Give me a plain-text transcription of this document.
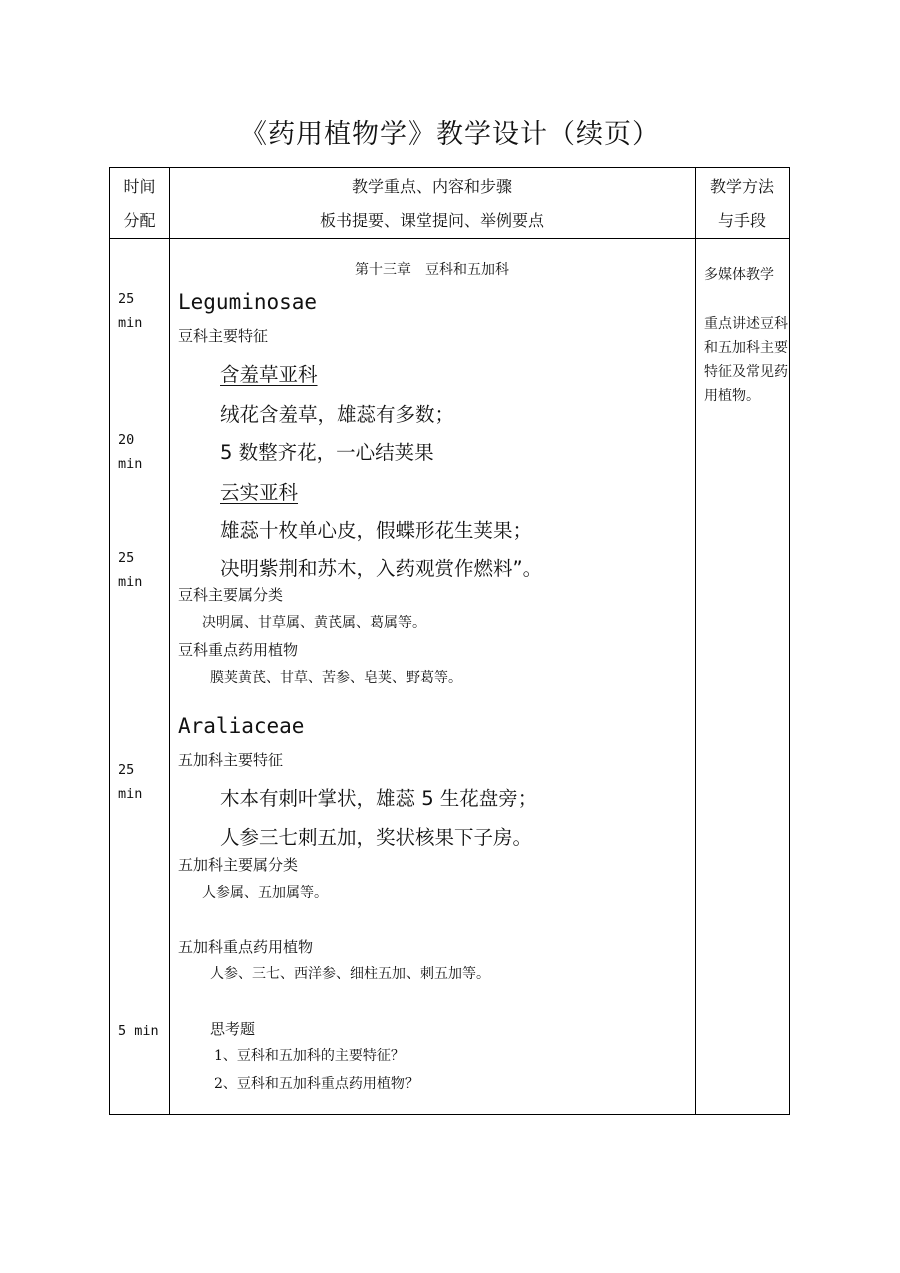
《药用植物学》教学设计（续页）
时间
分配
教学重点、内容和步骤
板书提要、课堂提问、举例要点
教学方法
与手段
25
min
20
min
25
min
25
min
5 min
第十三章　豆科和五加科
Leguminosae
豆科主要特征
含羞草亚科
绒花含羞草，雄蕊有多数；
5 数整齐花，一心结荚果
云实亚科
雄蕊十枚单心皮，假蝶形花生荚果；
决明紫荆和苏木，入药观赏作燃料”。
豆科主要属分类
决明属、甘草属、黄芪属、葛属等。
豆科重点药用植物
膜荚黄芪、甘草、苦参、皂荚、野葛等。
Araliaceae
五加科主要特征
木本有刺叶掌状，雄蕊 5 生花盘旁；
人参三七刺五加，奖状核果下子房。
五加科主要属分类
人参属、五加属等。
五加科重点药用植物
人参、三七、西洋参、细柱五加、刺五加等。
思考题
1、豆科和五加科的主要特征？
2、豆科和五加科重点药用植物？
多媒体教学
重点讲述豆科和五加科主要特征及常见药用植物。
